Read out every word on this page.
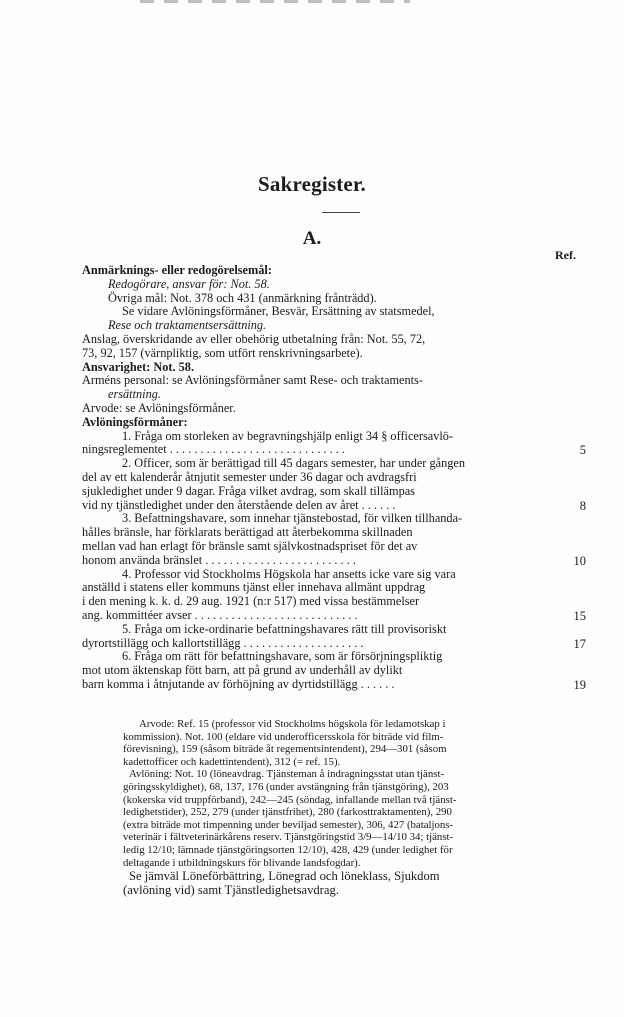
Sakregister.
A.
Ref.
Anmärknings- eller redogörelsemål:
Redogörare, ansvar för: Not. 58.
Övriga mål: Not. 378 och 431 (anmärkning frånträdd).
Se vidare Avlöningsförmåner, Besvär, Ersättning av statsmedel,
Rese och traktamentsersättning.
Anslag, överskridande av eller obehörig utbetalning från: Not. 55, 72,
73, 92, 157 (värnpliktig, som utfört renskrivningsarbete).
Ansvarighet: Not. 58.
Arméns personal: se Avlöningsförmåner samt Rese- och traktaments-
ersättning.
Arvode: se Avlöningsförmåner.
Avlöningsförmåner:
1. Fråga om storleken av begravningshjälp enligt 34 § officersavlö-
ningsreglementet . . . . . . . . . . . . . . . . . . . . . . . . . . . . .
2. Officer, som är berättigad till 45 dagars semester, har under gången
del av ett kalenderår åtnjutit semester under 36 dagar och avdragsfri
sjukledighet under 9 dagar. Fråga vilket avdrag, som skall tillämpas
vid ny tjänstledighet under den återstående delen av året . . . . . .
3. Befattningshavare, som innehar tjänstebostad, för vilken tillhanda-
hålles bränsle, har förklarats berättigad att återbekomma skillnaden
mellan vad han erlagt för bränsle samt självkostnadspriset för det av
honom använda bränslet . . . . . . . . . . . . . . . . . . . . . . . . .
4. Professor vid Stockholms Högskola har ansetts icke vare sig vara
anställd i statens eller kommuns tjänst eller innehava allmänt uppdrag
i den mening k. k. d. 29 aug. 1921 (n:r 517) med vissa bestämmelser
ang. kommittéer avser . . . . . . . . . . . . . . . . . . . . . . . . . . .
5. Fråga om icke-ordinarie befattningshavares rätt till provisoriskt
dyrortstillägg och kallortstillägg . . . . . . . . . . . . . . . . . . . .
6. Fråga om rätt för befattningshavare, som är försörjningspliktig
mot utom äktenskap fött barn, att på grund av underhåll av dylikt
barn komma i åtnjutande av förhöjning av dyrtidstillägg . . . . . .
5
8
10
15
17
19
Arvode: Ref. 15 (professor vid Stockholms högskola för ledamotskap i
kommission). Not. 100 (eldare vid underofficersskola för biträde vid film-
förevisning), 159 (såsom biträde åt regementsintendent), 294—301 (såsom
kadettofficer och kadettintendent), 312 (= ref. 15).
Avlöning: Not. 10 (löneavdrag. Tjänsteman å indragningsstat utan tjänst-
göringsskyldighet), 68, 137, 176 (under avstängning från tjänstgöring), 203
(kokerska vid truppförband), 242—245 (söndag, infallande mellan två tjänst-
ledighetstider), 252, 279 (under tjänstfrihet), 280 (farkosttraktamenten), 290
(extra biträde mot timpenning under beviljad semester), 306, 427 (bataljons-
veterinär i fältveterinärkårens reserv. Tjänstgöringstid 3/9—14/10 34; tjänst-
ledig 12/10; lämnade tjänstgöringsorten 12/10), 428, 429 (under ledighet för
deltagande i utbildningskurs för blivande landsfogdar).
Se jämväl Löneförbättring, Lönegrad och löneklass, Sjukdom
(avlöning vid) samt Tjänstledighetsavdrag.
